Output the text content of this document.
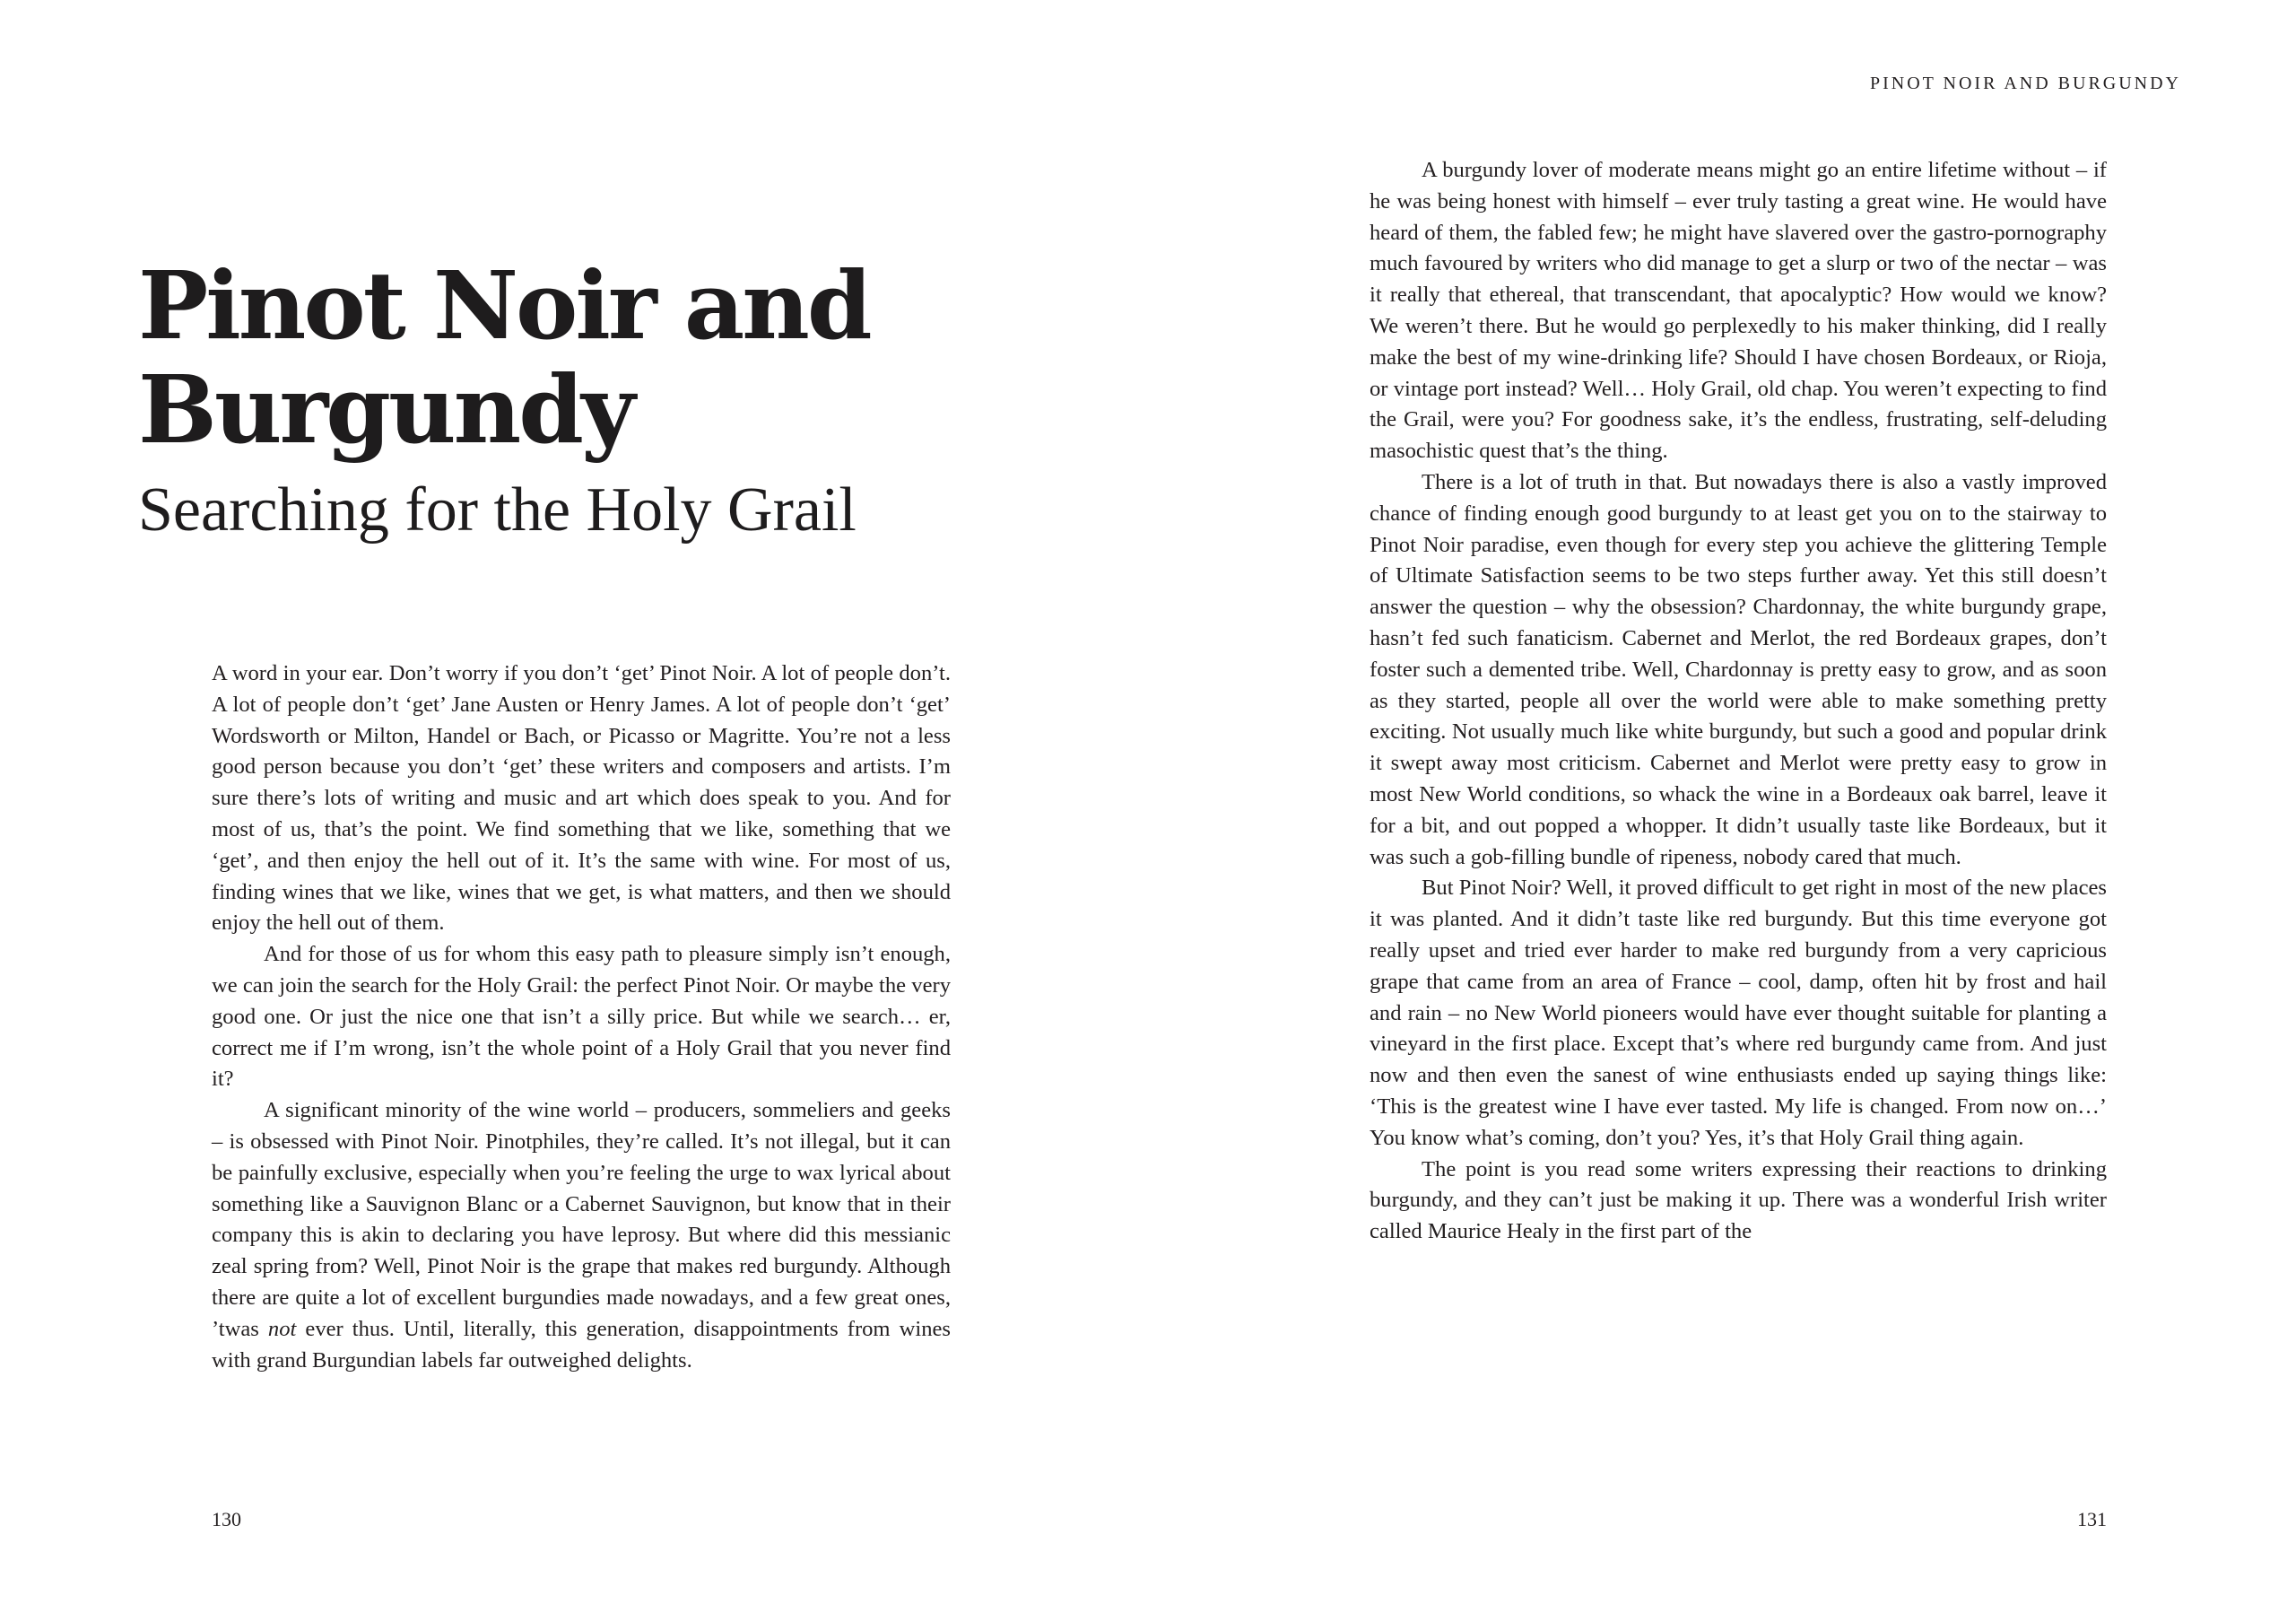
Pinot Noir and Burgundy
Searching for the Holy Grail

A word in your ear. Don’t worry if you don’t ‘get’ Pinot Noir. A lot of people don’t. A lot of people don’t ‘get’ Jane Austen or Henry James. A lot of people don’t ‘get’ Wordsworth or Milton, Handel or Bach, or Picasso or Magritte. You’re not a less good person because you don’t ‘get’ these writers and composers and artists. I’m sure there’s lots of writing and music and art which does speak to you. And for most of us, that’s the point. We find something that we like, something that we ‘get’, and then enjoy the hell out of it. It’s the same with wine. For most of us, finding wines that we like, wines that we get, is what matters, and then we should enjoy the hell out of them.

And for those of us for whom this easy path to pleasure simply isn’t enough, we can join the search for the Holy Grail: the perfect Pinot Noir. Or maybe the very good one. Or just the nice one that isn’t a silly price. But while we search… er, correct me if I’m wrong, isn’t the whole point of a Holy Grail that you never find it?

A significant minority of the wine world – producers, sommeliers and geeks – is obsessed with Pinot Noir. Pinotphiles, they’re called. It’s not illegal, but it can be painfully exclusive, especially when you’re feeling the urge to wax lyrical about something like a Sauvignon Blanc or a Cabernet Sauvignon, but know that in their company this is akin to declaring you have leprosy. But where did this messianic zeal spring from? Well, Pinot Noir is the grape that makes red burgundy. Although there are quite a lot of excellent burgundies made nowadays, and a few great ones, ’twas not ever thus. Until, literally, this generation, disappointments from wines with grand Burgundian labels far outweighed delights.

130
PINOT NOIR AND BURGUNDY

A burgundy lover of moderate means might go an entire lifetime without – if he was being honest with himself – ever truly tasting a great wine. He would have heard of them, the fabled few; he might have slavered over the gastro-pornography much favoured by writers who did manage to get a slurp or two of the nectar – was it really that ethereal, that transcendant, that apocalyptic? How would we know? We weren’t there. But he would go perplexedly to his maker thinking, did I really make the best of my wine-drinking life? Should I have chosen Bordeaux, or Rioja, or vintage port instead? Well… Holy Grail, old chap. You weren’t expecting to find the Grail, were you? For goodness sake, it’s the endless, frustrating, self-deluding masochistic quest that’s the thing.

There is a lot of truth in that. But nowadays there is also a vastly improved chance of finding enough good burgundy to at least get you on to the stairway to Pinot Noir paradise, even though for every step you achieve the glittering Temple of Ultimate Satisfaction seems to be two steps further away. Yet this still doesn’t answer the question – why the obsession? Chardonnay, the white burgundy grape, hasn’t fed such fanaticism. Cabernet and Merlot, the red Bordeaux grapes, don’t foster such a demented tribe. Well, Chardonnay is pretty easy to grow, and as soon as they started, people all over the world were able to make something pretty exciting. Not usually much like white burgundy, but such a good and popular drink it swept away most criticism. Cabernet and Merlot were pretty easy to grow in most New World conditions, so whack the wine in a Bordeaux oak barrel, leave it for a bit, and out popped a whopper. It didn’t usually taste like Bordeaux, but it was such a gob-filling bundle of ripeness, nobody cared that much.

But Pinot Noir? Well, it proved difficult to get right in most of the new places it was planted. And it didn’t taste like red burgundy. But this time everyone got really upset and tried ever harder to make red burgundy from a very capricious grape that came from an area of France – cool, damp, often hit by frost and hail and rain – no New World pioneers would have ever thought suitable for planting a vineyard in the first place. Except that’s where red burgundy came from. And just now and then even the sanest of wine enthusiasts ended up saying things like: ‘This is the greatest wine I have ever tasted. My life is changed. From now on…’ You know what’s coming, don’t you? Yes, it’s that Holy Grail thing again.

The point is you read some writers expressing their reactions to drinking burgundy, and they can’t just be making it up. There was a wonderful Irish writer called Maurice Healy in the first part of the

131
